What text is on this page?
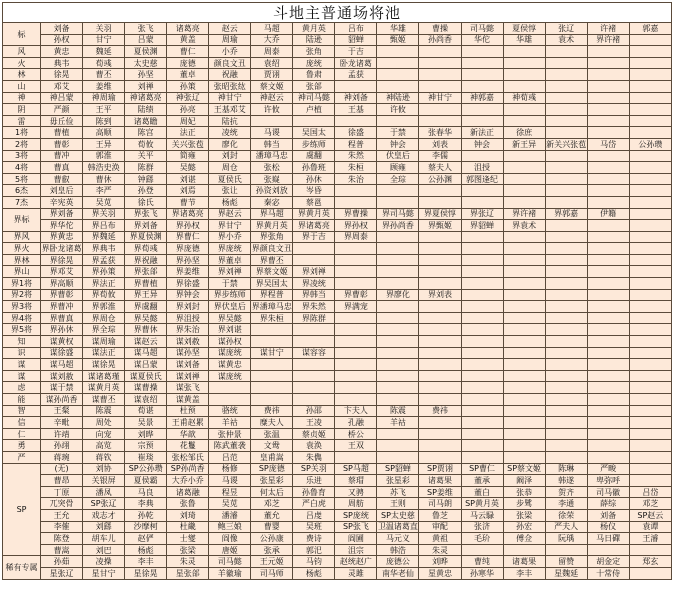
斗地主普通场将池															
标	刘备	关羽	张飞	诸葛亮	赵云	马超	黄月英	吕布	华雄	曹操	司马懿	夏侯惇	张辽	许褚	郭嘉
	孙权	甘宁	吕蒙	黄盖	周瑜	大乔	陆逊	貂蝉	甄姬	孙尚香	华佗	华雄	袁术	界许褚	
风	黄忠	魏延	夏侯渊	曹仁	小乔	周泰	张角	于吉							
火	典韦	荀彧	太史慈	庞德	颜良文丑	袁绍	庞统	卧龙诸葛							
林	徐晃	曹丕	孙坚	董卓	祝融	贾诩	鲁肃	孟获							
山	邓艾	姜维	刘禅	孙策	张昭张纮	蔡文姬	张郃								
神	神吕蒙	神周瑜	神诸葛亮	神张辽	神甘宁	神赵云	神司马懿	神刘备	神陆逊	神甘宁	神郭嘉	神荀彧			
阴	严颜	王平	陆绩	孙亮	王基邓艾	许攸	卢植	王基	许攸						
雷	毋丘俭	陈到	诸葛瞻	周妃	陆抗										
1将	曹植	高顺	陈宫	法正	凌统	马谡	吴国太	徐盛	于禁	张春华	新法正	徐庶			
2将	曹彰	王异	荀攸	关兴张苞	廖化	韩当	步练师	程普	钟会	刘表	钟会	新王异	新关兴张苞	马岱	公孙瓒
3将	曹冲	郭淮	关平	简雍	刘封	潘璋马忠	虞翻	朱然	伏皇后	李儒					
4将	曹真	韩浩史涣	陈群	吴懿	周仓	张松	孙鲁班	朱桓	顾雍	蔡夫人	沮授				
5将	曹叡	曹休	钟繇	刘谌	夏侯氏	张嶷	孙休	朱治	全琮	公孙渊	郭图逢纪				
6杰	刘皇后	李严	孙登	刘焉	张让	孙资刘放	岑昏								
7杰	辛宪英	吴苋	徐氏	曹节	杨彪	秦宓	蔡邕								
界标	界刘备	界关羽	界张飞	界诸葛亮	界赵云	界马超	界黄月英	界曹操	界司马懿	界夏侯惇	界张辽	界许褚	界郭嘉	伊籍	
	界华佗	界吕布	界刘备	界孙权	界甘宁	界黄月英	界诸葛亮	界孙权	界孙尚香	界甄姬	界貂蝉	界袁术			
界风	界黄忠	界魏延	界夏侯渊	界曹仁	界小乔	界张角	界于吉	界周泰							
界火	界卧龙诸葛	界典韦	界荀彧	界庞德	界庞统	界颜良文丑									
界林	界徐晃	界孟获	界祝融	界孙坚	界董卓	界曹丕									
界山	界邓艾	界孙策	界张郃	界姜维	界刘禅	界蔡文姬	界刘禅								
界1将	界高顺	界法正	界曹植	界徐盛	于禁	界吴国太	界凌统								
界2将	界曹彰	界荀攸	界王异	界钟会	界步练师	界程普	界韩当	界曹彰	界廖化	界刘表					
界3将	界曹冲	界郭淮	界虞翻	界刘封	界伏皇后	界潘璋马忠	界朱然	界满宠							
界4将	界曹真	界周仓	界吴懿	界沮授	界吴懿	界朱桓	界陈群								
界5将	界孙休	界全琮	界曹休	界朱治	界刘谌										
知	谋黄权	谋周瑜	谋赵云	谋刘赦	谋孙权										
识	谋徐盛	谋法正	谋马超	谋孙坚	谋庞统	谋甘宁	谋容容								
谋	谋马超	谋徐晃	谋吕蒙	谋刘备	谋黄忠										
谋	谋刘赦	谋诸葛瑾	谋夏侯氏	谋刘禅	谋庞统										
虑	谋于禁	谋黄月英	谋曹操	谋张飞											
能	谋孙尚香	谋曹丕	谋袁绍	谋黄盖											
智	王粲	陈震	荀谌	杜预	骆统	费祎	孙邵	卞夫人	陈震	费祎					
信	辛毗	周处	吴景	王甫赵累	羊祜	糜夫人	王凌	孔融	羊祜						
仁	许靖	向宠	刘晔	华歆	张仲景	张温	蔡贞姬	桥公							
勇	孙翊	高览	宗预	花鬘	陈武董袭	文鸯	袁涣	王双							
严	蒋琬	蒋钦	崔琰	张松邹氏	吕范	皇甫嵩	朱儁								
SP	(无)	刘协	SP公孙瓒	SP孙尚香	杨修	SP庞德	SP关羽	SP马超	SP貂蝉	SP贾诩	SP曹仁	SP蔡文姬	陈琳	严畯	
	曹昂	关银屏	夏侯霸	大乔小乔	马谡	张星彩	乐进	蔡瑁	张星彩	诸葛果	董承	阚泽	韩遂	卑弥呼	
	丁原	潘凤	马良	诸葛融	程昱	何太后	孙鲁育	又骋	苏飞	SP姜维	董白	张恭	贺齐	司马徽	吕岱
	兀突骨	SP张辽	李典	张鲁	吴苋	邓芝	严白虎	周舫	王则	司马朗	SP黄月英	步骘	李通	薛综	邓芝
	王允	戏志才	孙乾	刘琦	潘濬	董允	吕虔	SP庞统	SP太史慈	鲁芝	马云騄	张梁	徐荣	刘备	SP赵云
	李傕	刘繇	沙摩柯	杜畿	鲍三娘	曹婴	吴班	SP张飞	卫温诸葛直	审配	张济	孙宏	严夫人	杨仪	袁谭
	陈登	胡车儿	赵俨	士燮	阎像	公孙康	费诗	阎圃	马元义	黄祖	毛玠	傅佥	阮瑀	马日磾	王濬
	曹嵩	刘巴	杨彪	张梁	唐姬	张承	郭汜	沮宗	韩浩	朱灵					
稀有专属	孙茹	凌操	李丰	朱灵	司马懿	王元姬	马钧	赵统赵广	庞德公	刘晔	曹纯	诸葛果	留赞	胡金定	郑玄
	星张辽	星甘宁	星徐晃	星张郃	羊徽瑜	司马师	杨彪	灵雎	南华老仙	星黄忠	孙寒华	李丰	星魏延	十常侍	
